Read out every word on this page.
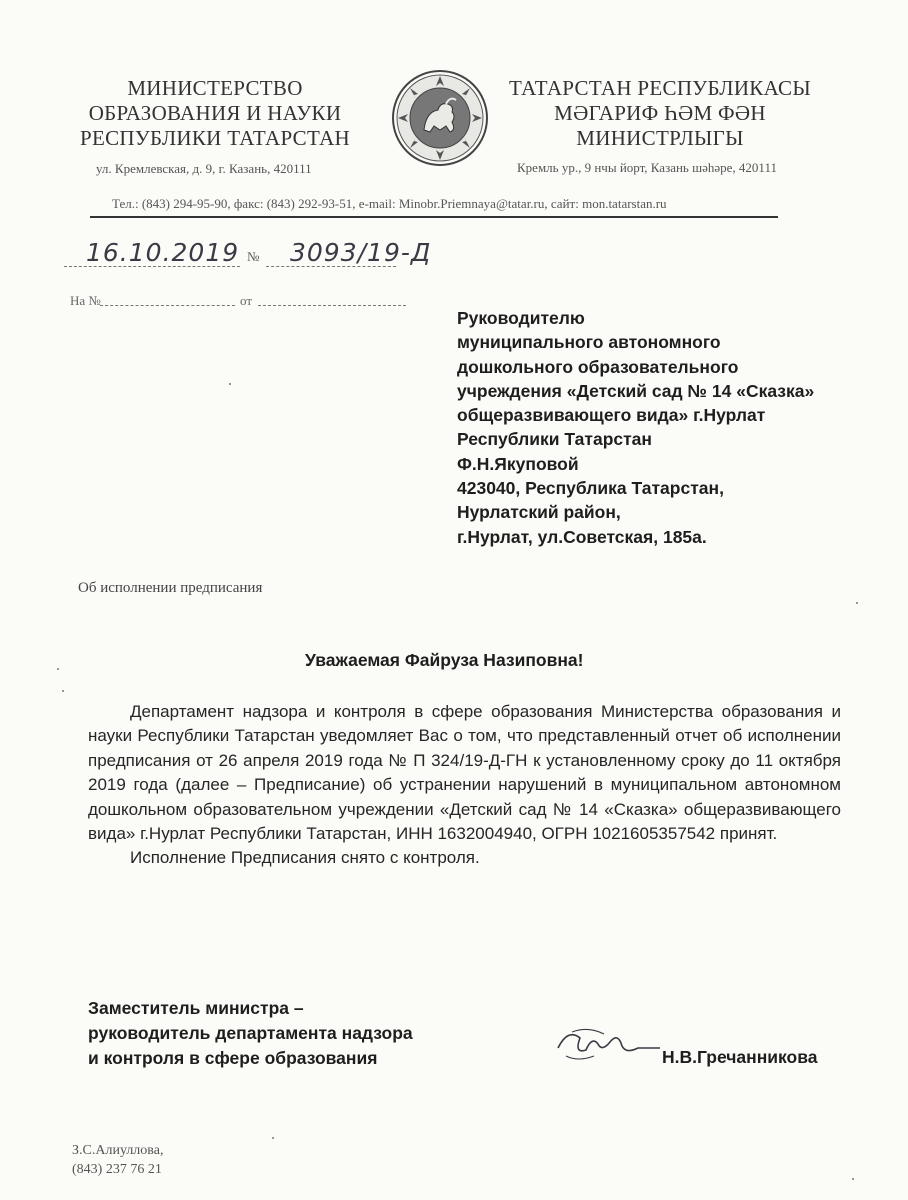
МИНИСТЕРСТВО
ОБРАЗОВАНИЯ И НАУКИ
РЕСПУБЛИКИ ТАТАРСТАН
ТАТАРСТАН РЕСПУБЛИКАСЫ
МӘГАРИФ ҺӘМ ФӘН
МИНИСТРЛЫГЫ
ул. Кремлевская, д. 9, г. Казань, 420111	Кремль ур., 9 нчы йорт, Казань шәһәре, 420111
Тел.: (843) 294-95-90, факс: (843) 292-93-51, e-mail: Minobr.Priemnaya@tatar.ru, сайт: mon.tatarstan.ru
16.10.2019 № 3093/19-Д
На №	от
Руководителю
муниципального автономного
дошкольного образовательного
учреждения «Детский сад № 14 «Сказка»
общеразвивающего вида» г.Нурлат
Республики Татарстан
Ф.Н.Якуповой
423040, Республика Татарстан,
Нурлатский район,
г.Нурлат, ул.Советская, 185а.
Об исполнении предписания
Уважаемая Файруза Назиповна!

Департамент надзора и контроля в сфере образования Министерства образования и науки Республики Татарстан уведомляет Вас о том, что представленный отчет об исполнении предписания от 26 апреля 2019 года № П 324/19-Д-ГН к установленному сроку до 11 октября 2019 года (далее – Предписание) об устранении нарушений в муниципальном автономном дошкольном образовательном учреждении «Детский сад № 14 «Сказка» общеразвивающего вида» г.Нурлат Республики Татарстан, ИНН 1632004940, ОГРН 1021605357542 принят.

Исполнение Предписания снято с контроля.

Заместитель министра –
руководитель департамента надзора
и контроля в сфере образования	Н.В.Гречанникова
З.С.Алиуллова,
(843) 237 76 21
